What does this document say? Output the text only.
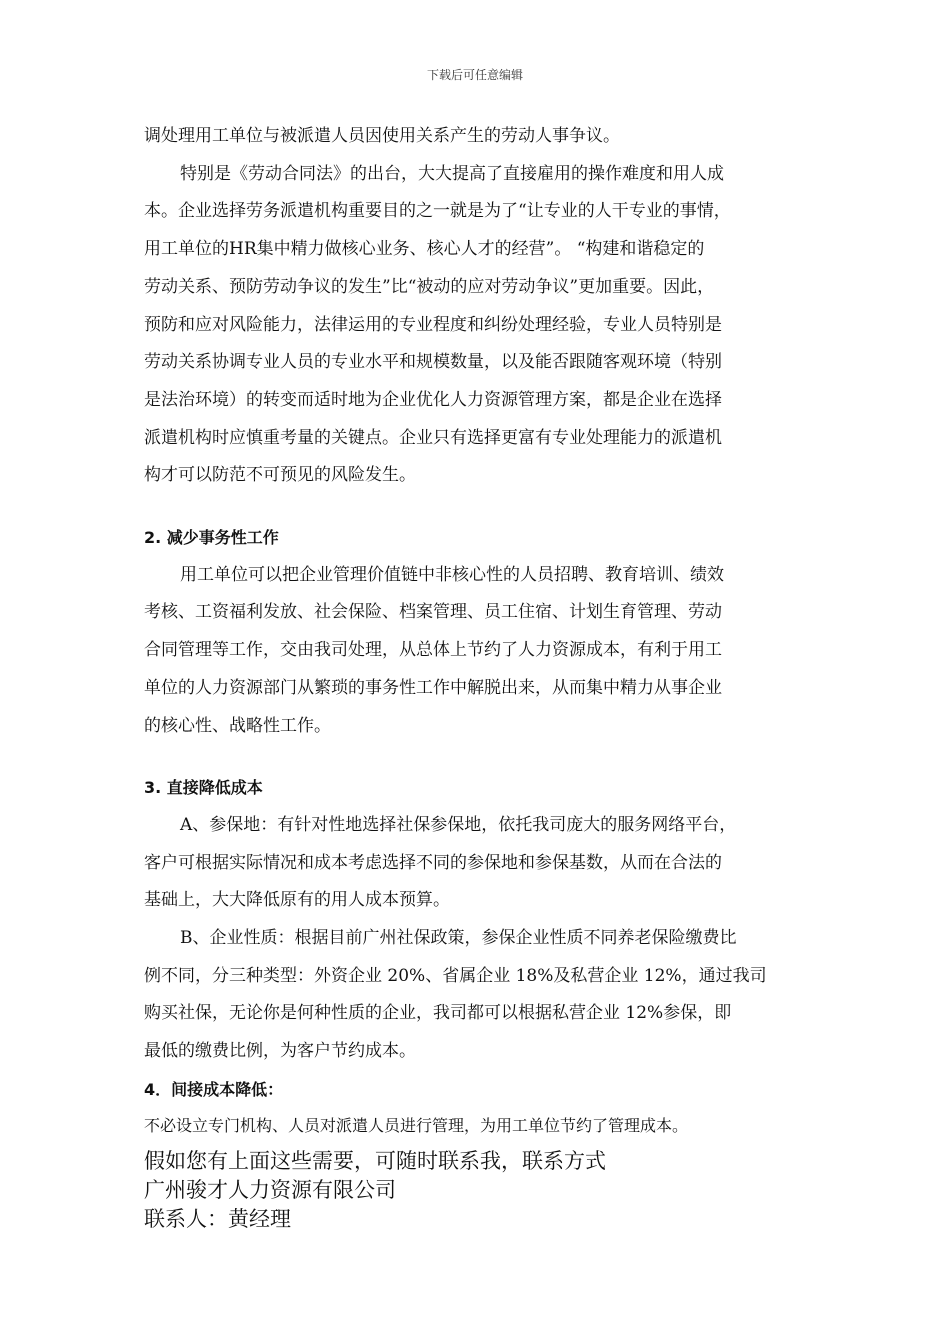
下载后可任意编辑

调处理用工单位与被派遣人员因使用关系产生的劳动人事争议。

特别是《劳动合同法》的出台，大大提高了直接雇用的操作难度和用人成

本。企业选择劳务派遣机构重要目的之一就是为了“让专业的人干专业的事情，

用工单位的HR集中精力做核心业务、核心人才的经营”。 “构建和谐稳定的

劳动关系、预防劳动争议的发生”比“被动的应对劳动争议”更加重要。因此，

预防和应对风险能力，法律运用的专业程度和纠纷处理经验，专业人员特别是

劳动关系协调专业人员的专业水平和规模数量，以及能否跟随客观环境（特别

是法治环境）的转变而适时地为企业优化人力资源管理方案，都是企业在选择

派遣机构时应慎重考量的关键点。企业只有选择更富有专业处理能力的派遣机

构才可以防范不可预见的风险发生。

2. 减少事务性工作

用工单位可以把企业管理价值链中非核心性的人员招聘、教育培训、绩效

考核、工资福利发放、社会保险、档案管理、员工住宿、计划生育管理、劳动

合同管理等工作，交由我司处理，从总体上节约了人力资源成本，有利于用工

单位的人力资源部门从繁琐的事务性工作中解脱出来，从而集中精力从事企业

的核心性、战略性工作。

3. 直接降低成本

A、参保地：有针对性地选择社保参保地，依托我司庞大的服务网络平台，

客户可根据实际情况和成本考虑选择不同的参保地和参保基数，从而在合法的

基础上，大大降低原有的用人成本预算。

B、企业性质：根据目前广州社保政策，参保企业性质不同养老保险缴费比

例不同，分三种类型：外资企业 20%、省属企业 18%及私营企业 12%，通过我司

购买社保，无论你是何种性质的企业，我司都可以根据私营企业 12%参保，即

最低的缴费比例，为客户节约成本。

4．间接成本降低：

不必设立专门机构、人员对派遣人员进行管理，为用工单位节约了管理成本。

假如您有上面这些需要，可随时联系我，联系方式

广州骏才人力资源有限公司

联系人：黄经理
